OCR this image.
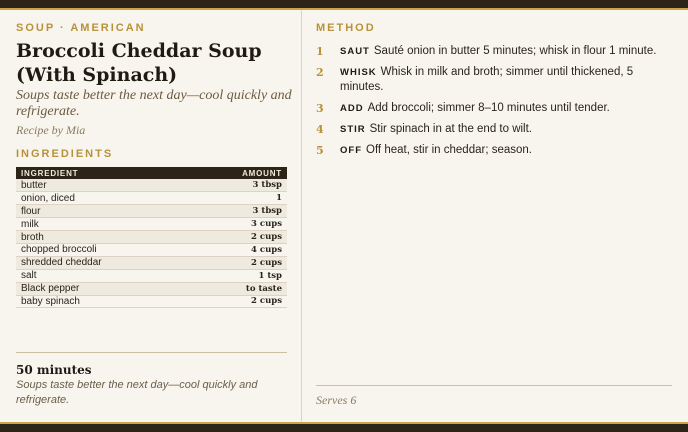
SOUP · AMERICAN
Broccoli Cheddar Soup (With Spinach)

Soups taste better the next day—cool quickly and refrigerate.

Recipe by Mia

INGREDIENTS
INGREDIENT	AMOUNT
butter	3 tbsp
onion, diced	1
flour	3 tbsp
milk	3 cups
broth	2 cups
chopped broccoli	4 cups
shredded cheddar	2 cups
salt	1 tsp
Black pepper	to taste
baby spinach	2 cups
50 minutes

Soups taste better the next day—cool quickly and refrigerate.

METHOD
1	SAUT Sauté onion in butter 5 minutes; whisk in flour 1 minute.
2	WHISK Whisk in milk and broth; simmer until thickened, 5 minutes.
3	ADD Add broccoli; simmer 8–10 minutes until tender.
4	STIR Stir spinach in at the end to wilt.
5	OFF Off heat, stir in cheddar; season.
Serves 6
